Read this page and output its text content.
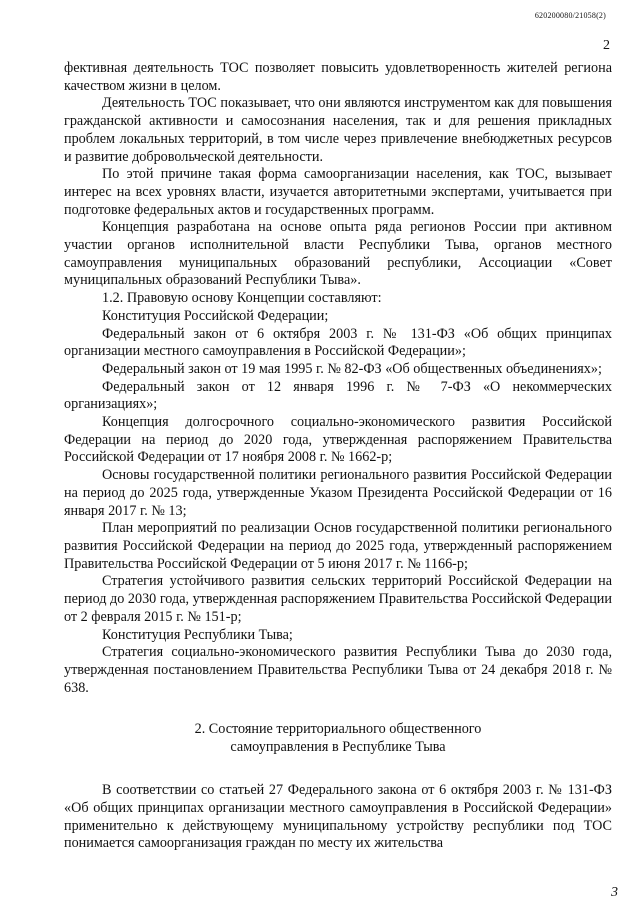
620200080/21058(2)
2

фективная деятельность ТОС позволяет повысить удовлетворенность жителей региона качеством жизни в целом.

Деятельность ТОС показывает, что они являются инструментом как для повышения гражданской активности и самосознания населения, так и для решения прикладных проблем локальных территорий, в том числе через привлечение внебюджетных ресурсов и развитие добровольческой деятельности.

По этой причине такая форма самоорганизации населения, как ТОС, вызывает интерес на всех уровнях власти, изучается авторитетными экспертами, учитывается при подготовке федеральных актов и государственных программ.

Концепция разработана на основе опыта ряда регионов России при активном участии органов исполнительной власти Республики Тыва, органов местного самоуправления муниципальных образований республики, Ассоциации «Совет муниципальных образований Республики Тыва».

1.2. Правовую основу Концепции составляют:

Конституция Российской Федерации;

Федеральный закон от 6 октября 2003 г. № 131-ФЗ «Об общих принципах организации местного самоуправления в Российской Федерации»;

Федеральный закон от 19 мая 1995 г. № 82-ФЗ «Об общественных объединениях»;

Федеральный закон от 12 января 1996 г. № 7-ФЗ «О некоммерческих организациях»;

Концепция долгосрочного социально-экономического развития Российской Федерации на период до 2020 года, утвержденная распоряжением Правительства Российской Федерации от 17 ноября 2008 г. № 1662-р;

Основы государственной политики регионального развития Российской Федерации на период до 2025 года, утвержденные Указом Президента Российской Федерации от 16 января 2017 г. № 13;

План мероприятий по реализации Основ государственной политики регионального развития Российской Федерации на период до 2025 года, утвержденный распоряжением Правительства Российской Федерации от 5 июня 2017 г. № 1166-р;

Стратегия устойчивого развития сельских территорий Российской Федерации на период до 2030 года, утвержденная распоряжением Правительства Российской Федерации от 2 февраля 2015 г. № 151-р;

Конституция Республики Тыва;

Стратегия социально-экономического развития Республики Тыва до 2030 года, утвержденная постановлением Правительства Республики Тыва от 24 декабря 2018 г. № 638.

2. Состояние территориального общественного
самоуправления в Республике Тыва

В соответствии со статьей 27 Федерального закона от 6 октября 2003 г. № 131-ФЗ «Об общих принципах организации местного самоуправления в Российской Федерации» применительно к действующему муниципальному устройству республики под ТОС понимается самоорганизация граждан по месту их жительства

3
